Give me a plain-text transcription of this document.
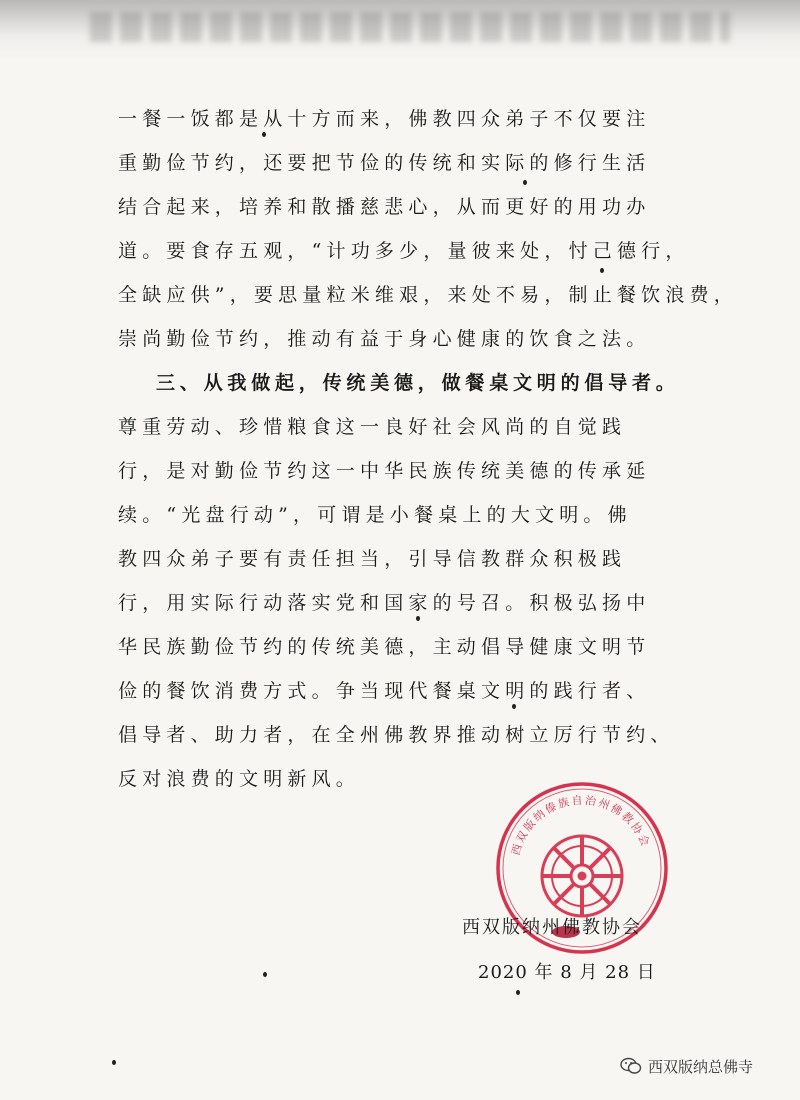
一餐一饭都是从十方而来，佛教四众弟子不仅要注
重勤俭节约，还要把节俭的传统和实际的修行生活
结合起来，培养和散播慈悲心，从而更好的用功办
道。要食存五观，“计功多少，量彼来处，忖己德行，
全缺应供”，要思量粒米维艰，来处不易，制止餐饮浪费，
崇尚勤俭节约，推动有益于身心健康的饮食之法。
三、从我做起，传统美德，做餐桌文明的倡导者。
尊重劳动、珍惜粮食这一良好社会风尚的自觉践
行，是对勤俭节约这一中华民族传统美德的传承延
续。“光盘行动”，可谓是小餐桌上的大文明。佛
教四众弟子要有责任担当，引导信教群众积极践
行，用实际行动落实党和国家的号召。积极弘扬中
华民族勤俭节约的传统美德，主动倡导健康文明节
俭的餐饮消费方式。争当现代餐桌文明的践行者、
倡导者、助力者，在全州佛教界推动树立厉行节约、
反对浪费的文明新风。
西双版纳傣族自治州佛教协会
西双版纳州佛教协会
2020 年 8 月 28 日
西双版纳总佛寺
